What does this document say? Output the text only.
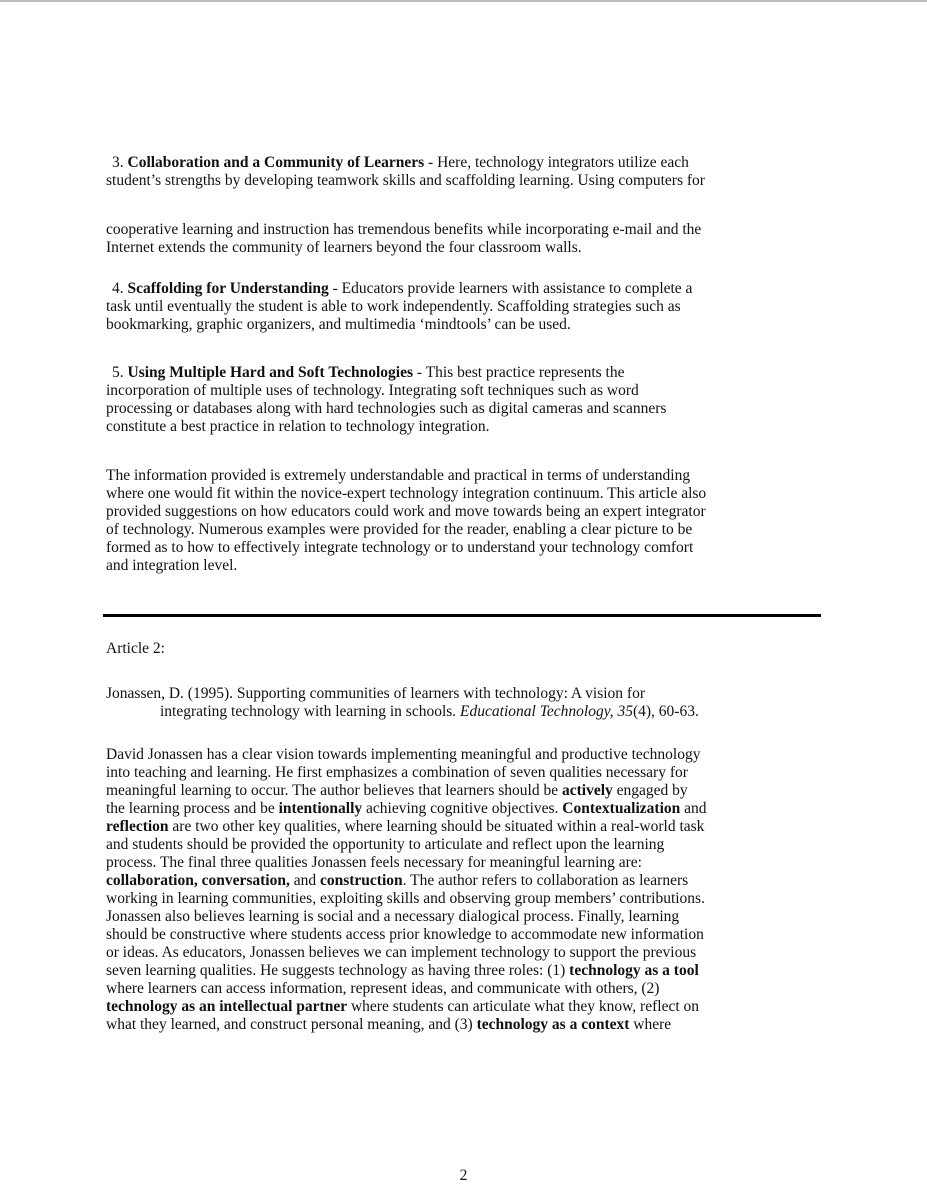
3. Collaboration and a Community of Learners - Here, technology integrators utilize each
student’s strengths by developing teamwork skills and scaffolding learning. Using computers for
cooperative learning and instruction has tremendous benefits while incorporating e-mail and the
Internet extends the community of learners beyond the four classroom walls.
4. Scaffolding for Understanding - Educators provide learners with assistance to complete a
task until eventually the student is able to work independently. Scaffolding strategies such as
bookmarking, graphic organizers, and multimedia ‘mindtools’ can be used.
5. Using Multiple Hard and Soft Technologies - This best practice represents the
incorporation of multiple uses of technology. Integrating soft techniques such as word
processing or databases along with hard technologies such as digital cameras and scanners
constitute a best practice in relation to technology integration.
The information provided is extremely understandable and practical in terms of understanding
where one would fit within the novice-expert technology integration continuum. This article also
provided suggestions on how educators could work and move towards being an expert integrator
of technology. Numerous examples were provided for the reader, enabling a clear picture to be
formed as to how to effectively integrate technology or to understand your technology comfort
and integration level.
Article 2:
Jonassen, D. (1995). Supporting communities of learners with technology: A vision for
integrating technology with learning in schools. Educational Technology, 35(4), 60-63.
David Jonassen has a clear vision towards implementing meaningful and productive technology
into teaching and learning. He first emphasizes a combination of seven qualities necessary for
meaningful learning to occur. The author believes that learners should be actively engaged by
the learning process and be intentionally achieving cognitive objectives. Contextualization and
reflection are two other key qualities, where learning should be situated within a real-world task
and students should be provided the opportunity to articulate and reflect upon the learning
process. The final three qualities Jonassen feels necessary for meaningful learning are:
collaboration, conversation, and construction. The author refers to collaboration as learners
working in learning communities, exploiting skills and observing group members’ contributions.
Jonassen also believes learning is social and a necessary dialogical process. Finally, learning
should be constructive where students access prior knowledge to accommodate new information
or ideas. As educators, Jonassen believes we can implement technology to support the previous
seven learning qualities. He suggests technology as having three roles: (1) technology as a tool
where learners can access information, represent ideas, and communicate with others, (2)
technology as an intellectual partner where students can articulate what they know, reflect on
what they learned, and construct personal meaning, and (3) technology as a context where
2
